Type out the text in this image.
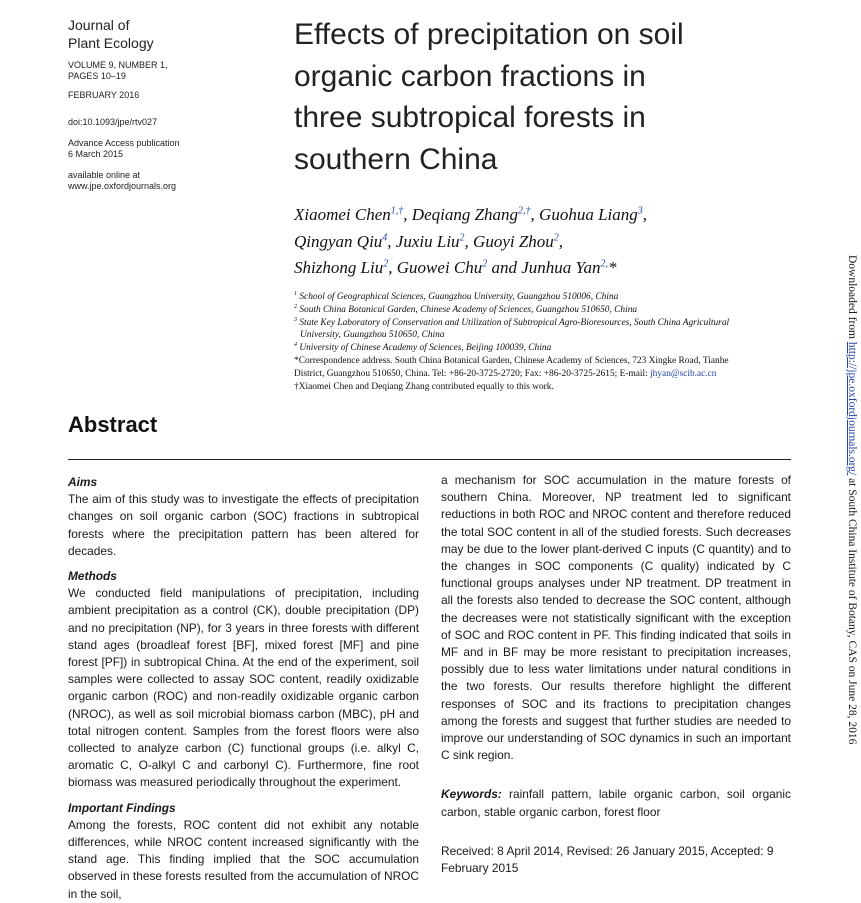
Journal of
Plant Ecology

VOLUME 9, NUMBER 1,

PAGES 10–19

FEBRUARY 2016

doi:10.1093/jpe/rtv027

Advance Access publication

6 March 2015

available online at

www.jpe.oxfordjournals.org

Effects of precipitation on soil
organic carbon fractions in
three subtropical forests in
southern China
Xiaomei Chen$^{1,\dagger}$, Deqiang Zhang$^{2,\dagger}$, Guohua Liang$^3$,
Qingyan Qiu$^4$, Juxiu Liu$^2$, Guoyi Zhou$^2$,
Shizhong Liu$^2$, Guowei Chu$^2$ and Junhua Yan$^{2,}$*
$^1$ School of Geographical Sciences, Guangzhou University, Guangzhou 510006, China
$^2$ South China Botanical Garden, Chinese Academy of Sciences, Guangzhou 510650, China
$^3$ State Key Laboratory of Conservation and Utilization of Subtropical Agro-Bioresources, South China Agricultural
University, Guangzhou 510650, China
$^4$ University of Chinese Academy of Sciences, Beijing 100039, China
*Correspondence address. South China Botanical Garden, Chinese Academy of Sciences, 723 Xingke Road, Tianhe
District, Guangzhou 510650, China. Tel: +86-20-3725-2720; Fax: +86-20-3725-2615; E-mail: jhyan@scib.ac.cn
†Xiaomei Chen and Deqiang Zhang contributed equally to this work.
Abstract

Aims

The aim of this study was to investigate the effects of precipitation changes on soil organic carbon (SOC) fractions in subtropical forests where the precipitation pattern has been altered for decades.

Methods

We conducted field manipulations of precipitation, including ambient precipitation as a control (CK), double precipitation (DP) and no precipitation (NP), for 3 years in three forests with different stand ages (broadleaf forest [BF], mixed forest [MF] and pine forest [PF]) in subtropical China. At the end of the experiment, soil samples were collected to assay SOC content, readily oxidizable organic carbon (ROC) and non-readily oxidizable organic carbon (NROC), as well as soil microbial biomass carbon (MBC), pH and total nitrogen content. Samples from the forest floors were also collected to analyze carbon (C) functional groups (i.e. alkyl C, aromatic C, O-alkyl C and carbonyl C). Furthermore, fine root biomass was measured periodically throughout the experiment.

Important Findings

Among the forests, ROC content did not exhibit any notable differences, while NROC content increased significantly with the stand age. This finding implied that the SOC accumulation observed in these forests resulted from the accumulation of NROC in the soil,

a mechanism for SOC accumulation in the mature forests of southern China. Moreover, NP treatment led to significant reductions in both ROC and NROC content and therefore reduced the total SOC content in all of the studied forests. Such decreases may be due to the lower plant-derived C inputs (C quantity) and to the changes in SOC components (C quality) indicated by C functional groups analyses under NP treatment. DP treatment in all the forests also tended to decrease the SOC content, although the decreases were not statistically significant with the exception of SOC and ROC content in PF. This finding indicated that soils in MF and in BF may be more resistant to precipitation increases, possibly due to less water limitations under natural conditions in the two forests. Our results therefore highlight the different responses of SOC and its fractions to precipitation changes among the forests and suggest that further studies are needed to improve our understanding of SOC dynamics in such an important C sink region.

Keywords: rainfall pattern, labile organic carbon, soil organic carbon, stable organic carbon, forest floor

Received: 8 April 2014, Revised: 26 January 2015, Accepted: 9 February 2015

Downloaded from http://jpe.oxfordjournals.org/ at South China Institute of Botany, CAS on June 28, 2016
